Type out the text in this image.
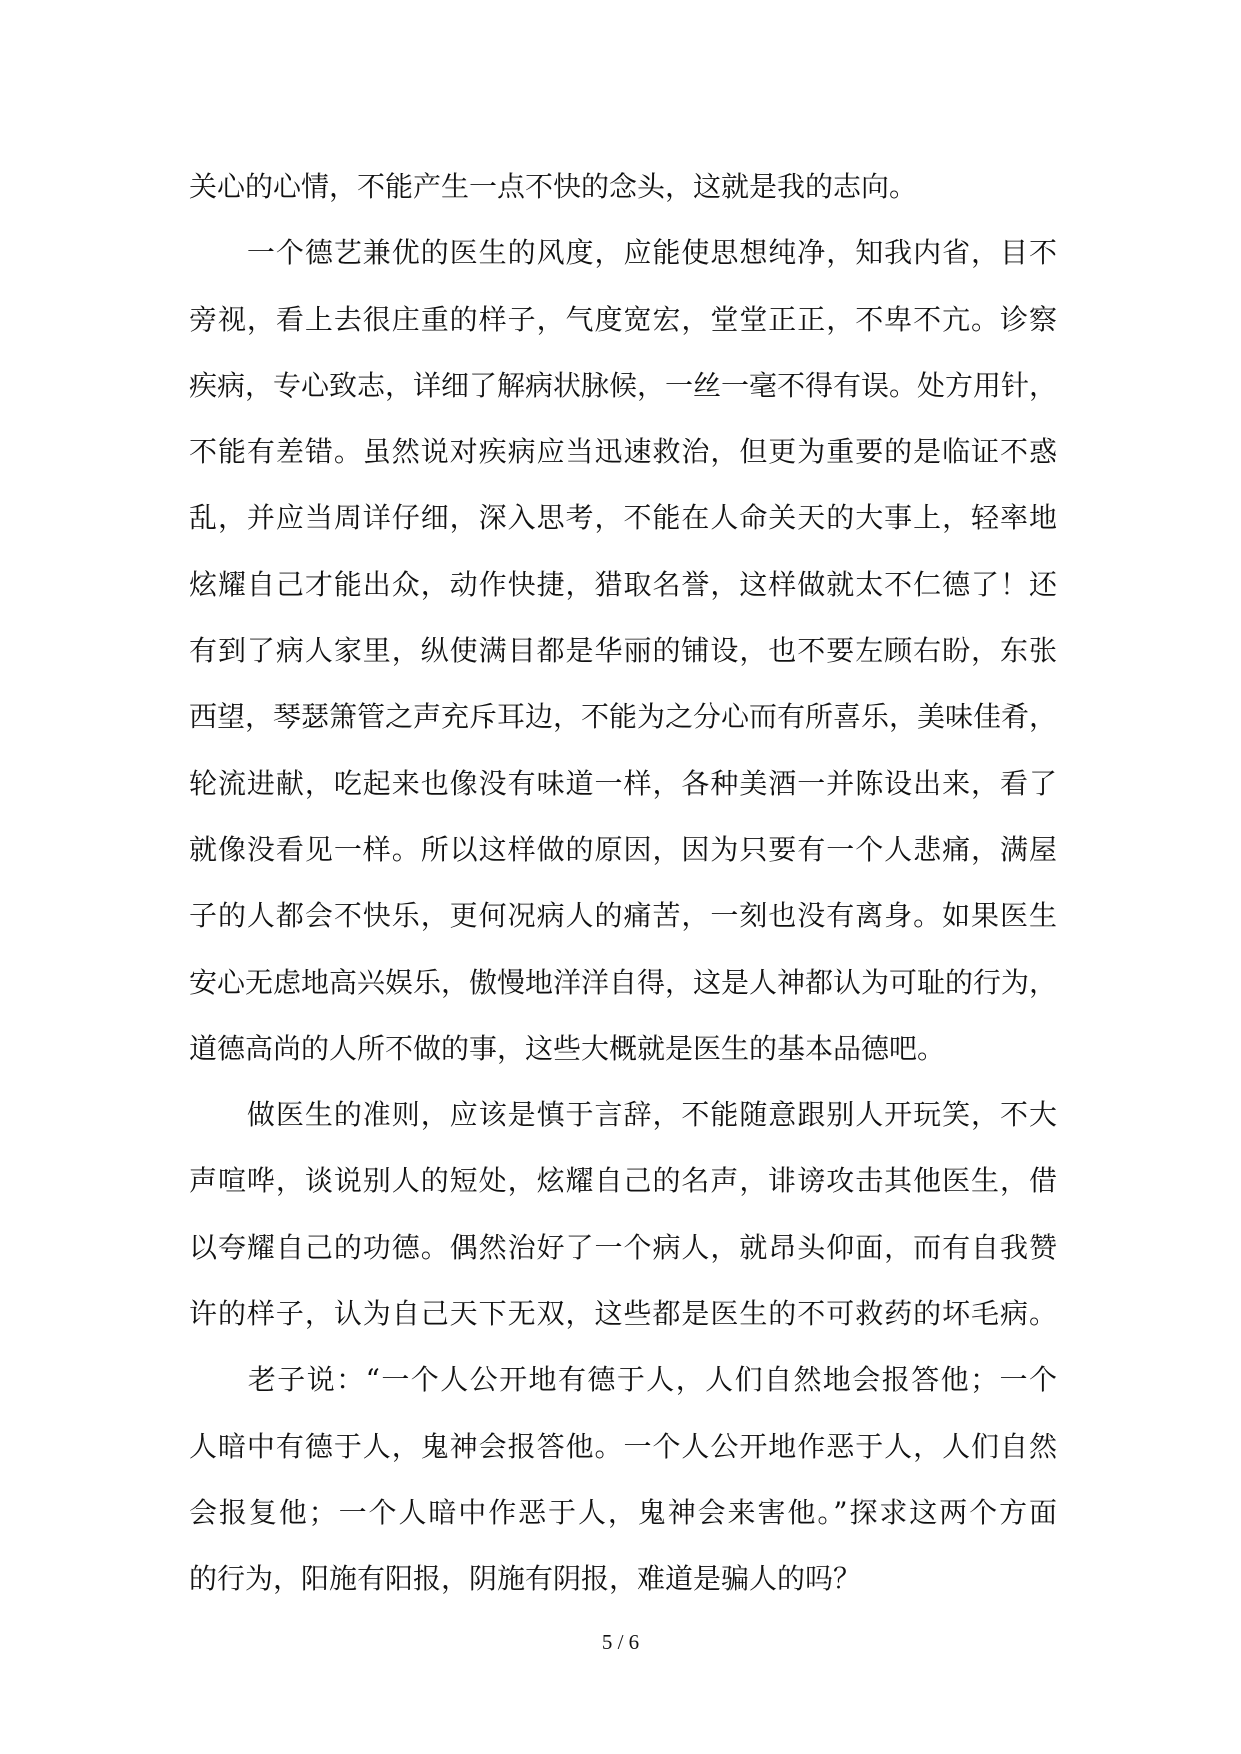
关心的心情，不能产生一点不快的念头，这就是我的志向。
　　一个德艺兼优的医生的风度，应能使思想纯净，知我内省，目不
旁视，看上去很庄重的样子，气度宽宏，堂堂正正，不卑不亢。诊察
疾病，专心致志，详细了解病状脉候，一丝一毫不得有误。处方用针，
不能有差错。虽然说对疾病应当迅速救治，但更为重要的是临证不惑
乱，并应当周详仔细，深入思考，不能在人命关天的大事上，轻率地
炫耀自己才能出众，动作快捷，猎取名誉，这样做就太不仁德了！还
有到了病人家里，纵使满目都是华丽的铺设，也不要左顾右盼，东张
西望，琴瑟箫管之声充斥耳边，不能为之分心而有所喜乐，美味佳肴，
轮流进献，吃起来也像没有味道一样，各种美酒一并陈设出来，看了
就像没看见一样。所以这样做的原因，因为只要有一个人悲痛，满屋
子的人都会不快乐，更何况病人的痛苦，一刻也没有离身。如果医生
安心无虑地高兴娱乐，傲慢地洋洋自得，这是人神都认为可耻的行为，
道德高尚的人所不做的事，这些大概就是医生的基本品德吧。
　　做医生的准则，应该是慎于言辞，不能随意跟别人开玩笑，不大
声喧哗，谈说别人的短处，炫耀自己的名声，诽谤攻击其他医生，借
以夸耀自己的功德。偶然治好了一个病人，就昂头仰面，而有自我赞
许的样子，认为自己天下无双，这些都是医生的不可救药的坏毛病。
　　老子说：“一个人公开地有德于人，人们自然地会报答他；一个
人暗中有德于人，鬼神会报答他。一个人公开地作恶于人，人们自然
会报复他；一个人暗中作恶于人，鬼神会来害他。”探求这两个方面
的行为，阳施有阳报，阴施有阴报，难道是骗人的吗？
5 / 6
